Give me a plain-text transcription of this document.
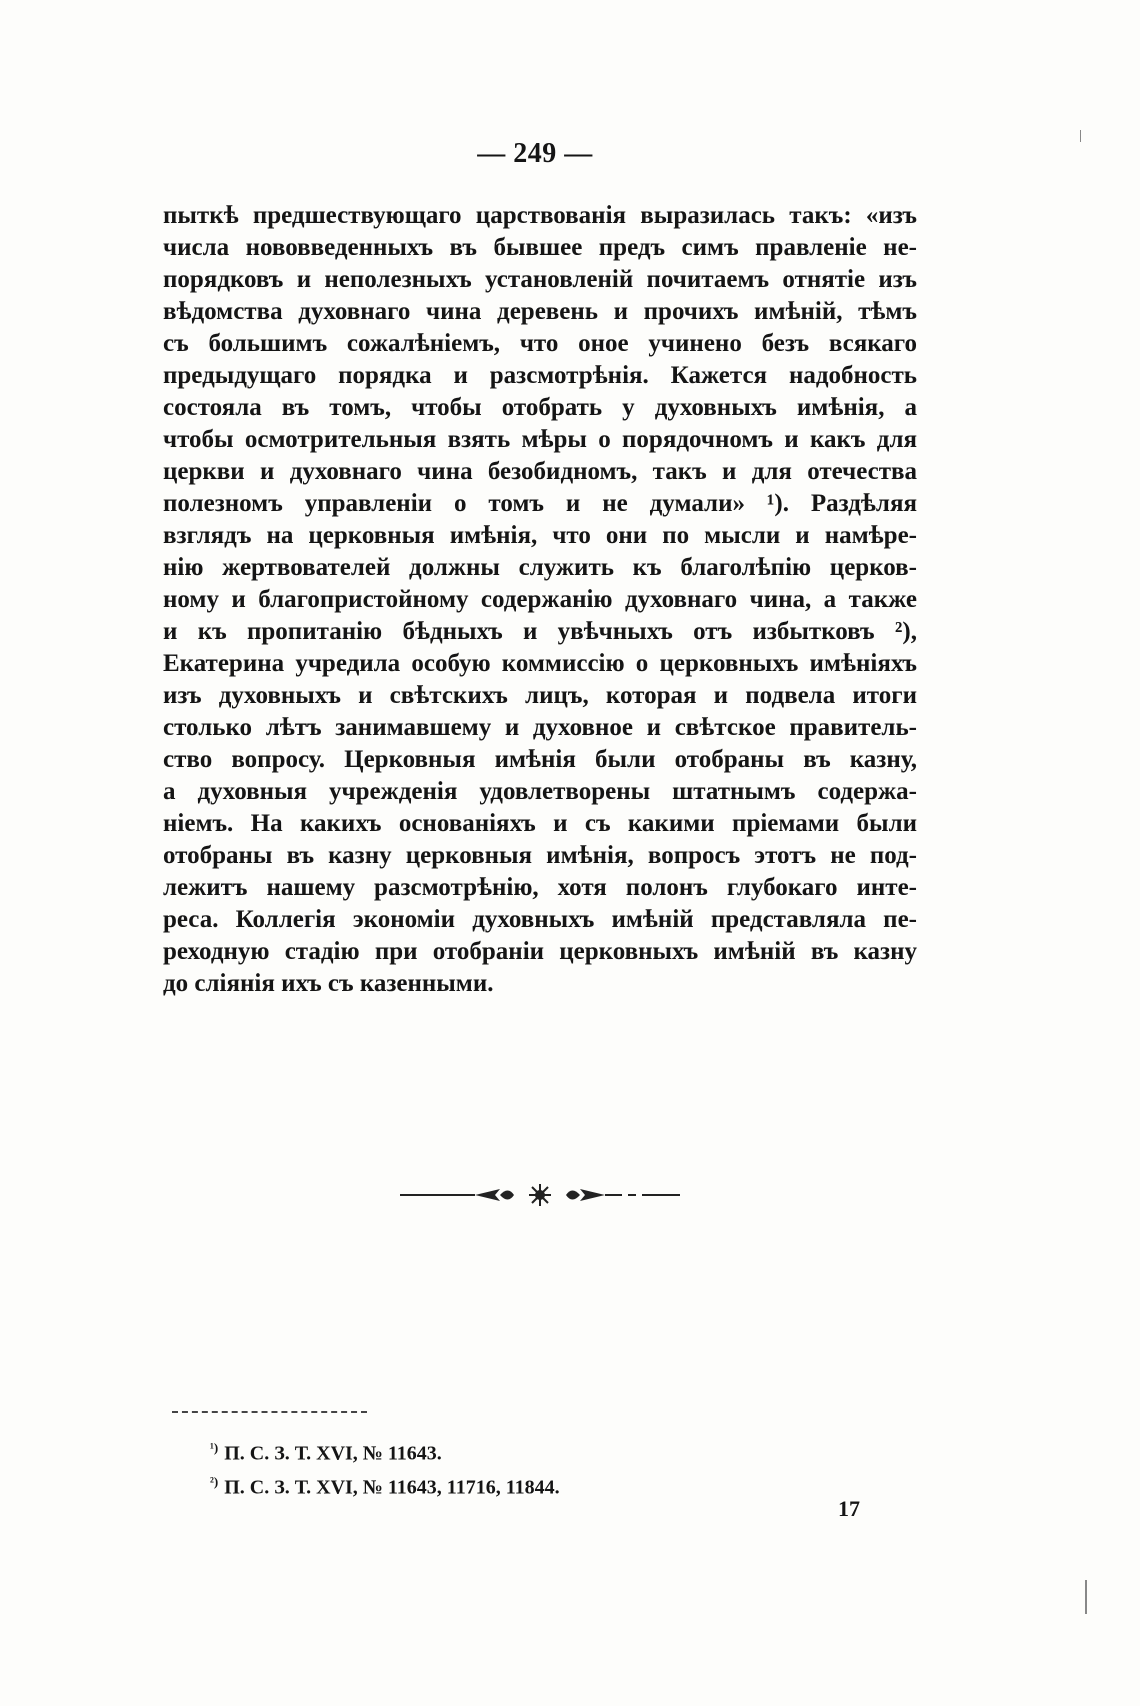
— 249 —
пыткѣ предшествующаго царствованія выразилась такъ: «изъ
числа нововведенныхъ въ бывшее предъ симъ правленіе не-
порядковъ и неполезныхъ установленій почитаемъ отнятіе изъ
вѣдомства духовнаго чина деревень и прочихъ имѣній, тѣмъ
съ большимъ сожалѣніемъ, что оное учинено безъ всякаго
предыдущаго порядка и разсмотрѣнія. Кажется надобность
состояла въ томъ, чтобы отобрать у духовныхъ имѣнія, а
чтобы осмотрительныя взять мѣры о порядочномъ и какъ для
церкви и духовнаго чина безобидномъ, такъ и для отечества
полезномъ управленіи о томъ и не думали» ¹). Раздѣляя
взглядъ на церковныя имѣнія, что они по мысли и намѣре-
нію жертвователей должны служить къ благолѣпію церков-
ному и благопристойному содержанію духовнаго чина, а также
и къ пропитанію бѣдныхъ и увѣчныхъ отъ избытковъ ²),
Екатерина учредила особую коммиссію о церковныхъ имѣніяхъ
изъ духовныхъ и свѣтскихъ лицъ, которая и подвела итоги
столько лѣтъ занимавшему и духовное и свѣтское правитель-
ство вопросу. Церковныя имѣнія были отобраны въ казну,
а духовныя учрежденія удовлетворены штатнымъ содержа-
ніемъ. На какихъ основаніяхъ и съ какими пріемами были
отобраны въ казну церковныя имѣнія, вопросъ этотъ не под-
лежитъ нашему разсмотрѣнію, хотя полонъ глубокаго инте-
реса. Коллегія экономіи духовныхъ имѣній представляла пе-
реходную стадію при отобраніи церковныхъ имѣній въ казну
до сліянія ихъ съ казенными.
$^{^1)}$ П. С. З. Т. XVI, № 11643.
$^{^2)}$ П. С. З. Т. XVI, № 11643, 11716, 11844.
17
